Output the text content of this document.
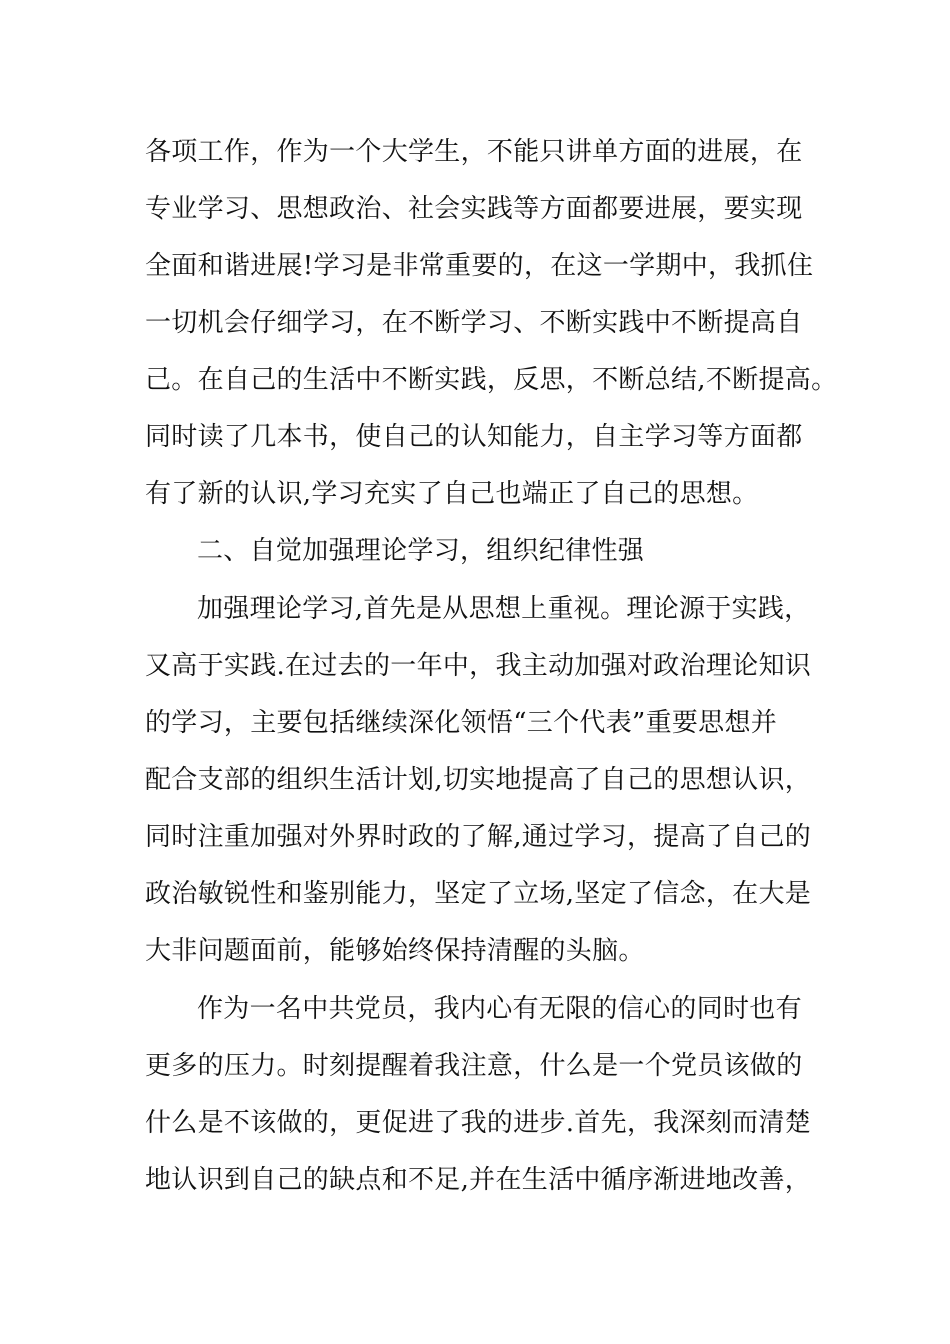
各项工作，作为一个大学生，不能只讲单方面的进展，在
专业学习、思想政治、社会实践等方面都要进展，要实现
全面和谐进展!学习是非常重要的，在这一学期中，我抓住
一切机会仔细学习，在不断学习、不断实践中不断提高自
己。在自己的生活中不断实践，反思，不断总结,不断提高。
同时读了几本书，使自己的认知能力，自主学习等方面都
有了新的认识,学习充实了自己也端正了自己的思想。
二、自觉加强理论学习，组织纪律性强
加强理论学习,首先是从思想上重视。理论源于实践，
又高于实践.在过去的一年中，我主动加强对政治理论知识
的学习，主要包括继续深化领悟“三个代表”重要思想并
配合支部的组织生活计划,切实地提高了自己的思想认识，
同时注重加强对外界时政的了解,通过学习，提高了自己的
政治敏锐性和鉴别能力，坚定了立场,坚定了信念，在大是
大非问题面前，能够始终保持清醒的头脑。
作为一名中共党员，我内心有无限的信心的同时也有
更多的压力。时刻提醒着我注意，什么是一个党员该做的
什么是不该做的，更促进了我的进步.首先，我深刻而清楚
地认识到自己的缺点和不足,并在生活中循序渐进地改善，
